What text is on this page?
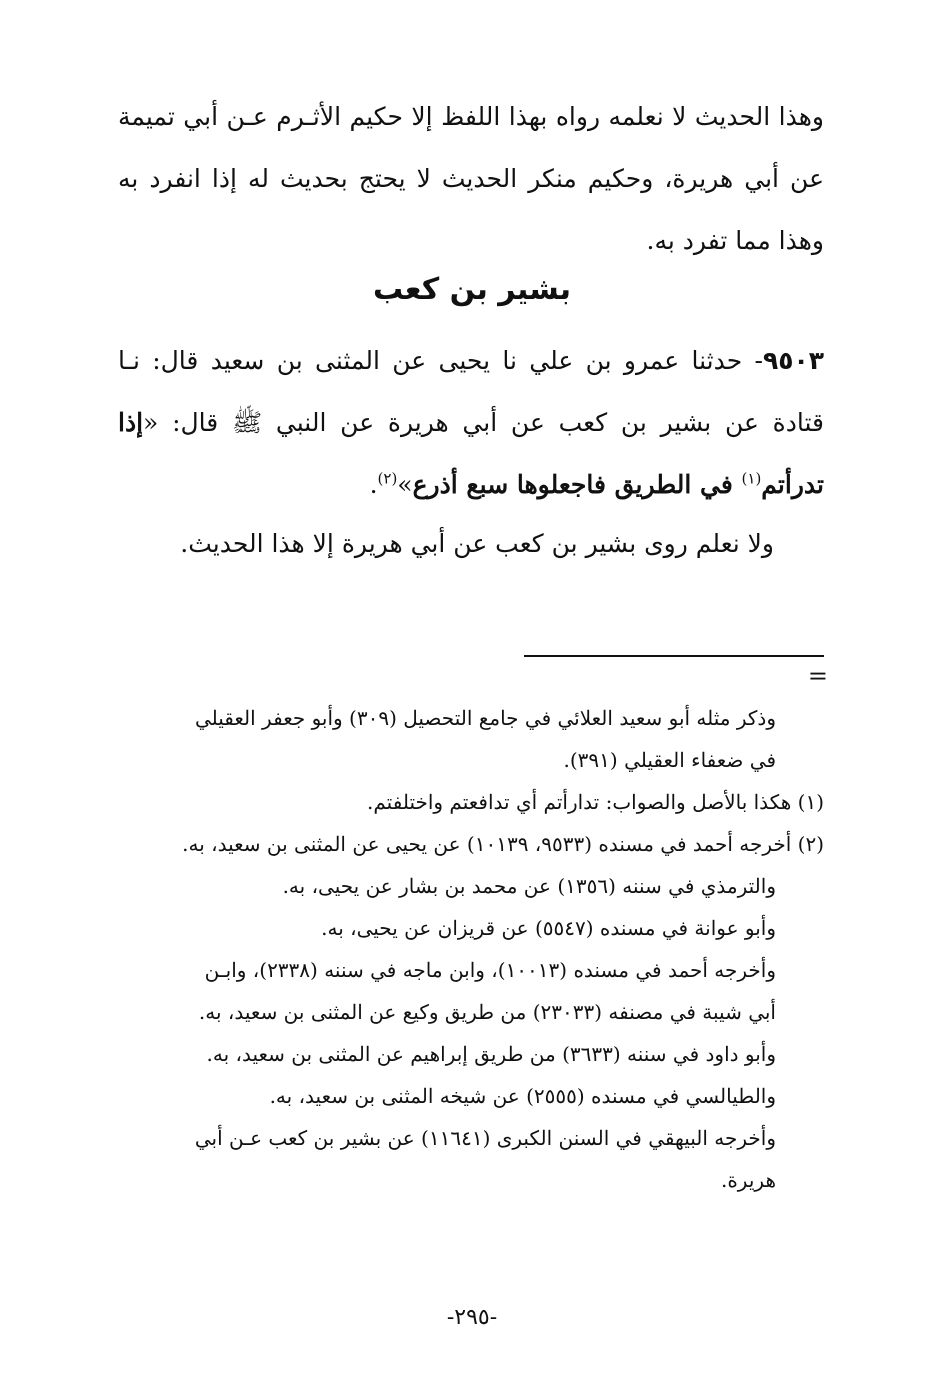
وهذا الحديث لا نعلمه رواه بهذا اللفظ إلا حكيم الأثـرم عـن أبي تميمة عن أبي هريرة، وحكيم منكر الحديث لا يحتج بحديث له إذا انفرد به وهذا مما تفرد به.
بشير بن كعب
٩٥٠٣- حدثنا عمرو بن علي نا يحيى عن المثنى بن سعيد قال: نـا قتادة عن بشير بن كعب عن أبي هريرة عن النبي ﷺ قال: «إذا تدرأتم$^{(١)}$ في الطريق فاجعلوها سبع أذرع»$^{(٢)}$.
ولا نعلم روى بشير بن كعب عن أبي هريرة إلا هذا الحديث.
=
وذكر مثله أبو سعيد العلائي في جامع التحصيل (٣٠٩) وأبو جعفر العقيلي
في ضعفاء العقيلي (٣٩١).
(١) هكذا بالأصل والصواب: تدارأتم أي تدافعتم واختلفتم.
(٢) أخرجه أحمد في مسنده (٩٥٣٣، ١٠١٣٩) عن يحيى عن المثنى بن سعيد، به.
والترمذي في سننه (١٣٥٦) عن محمد بن بشار عن يحيى، به.
وأبو عوانة في مسنده (٥٥٤٧) عن قريزان عن يحيى، به.
وأخرجه أحمد في مسنده (١٠٠١٣)، وابن ماجه في سننه (٢٣٣٨)، وابـن
أبي شيبة في مصنفه (٢٣٠٣٣) من طريق وكيع عن المثنى بن سعيد، به.
وأبو داود في سننه (٣٦٣٣) من طريق إبراهيم عن المثنى بن سعيد، به.
والطيالسي في مسنده (٢٥٥٥) عن شيخه المثنى بن سعيد، به.
وأخرجه البيهقي في السنن الكبرى (١١٦٤١) عن بشير بن كعب عـن أبي
هريرة.
-٢٩٥-
